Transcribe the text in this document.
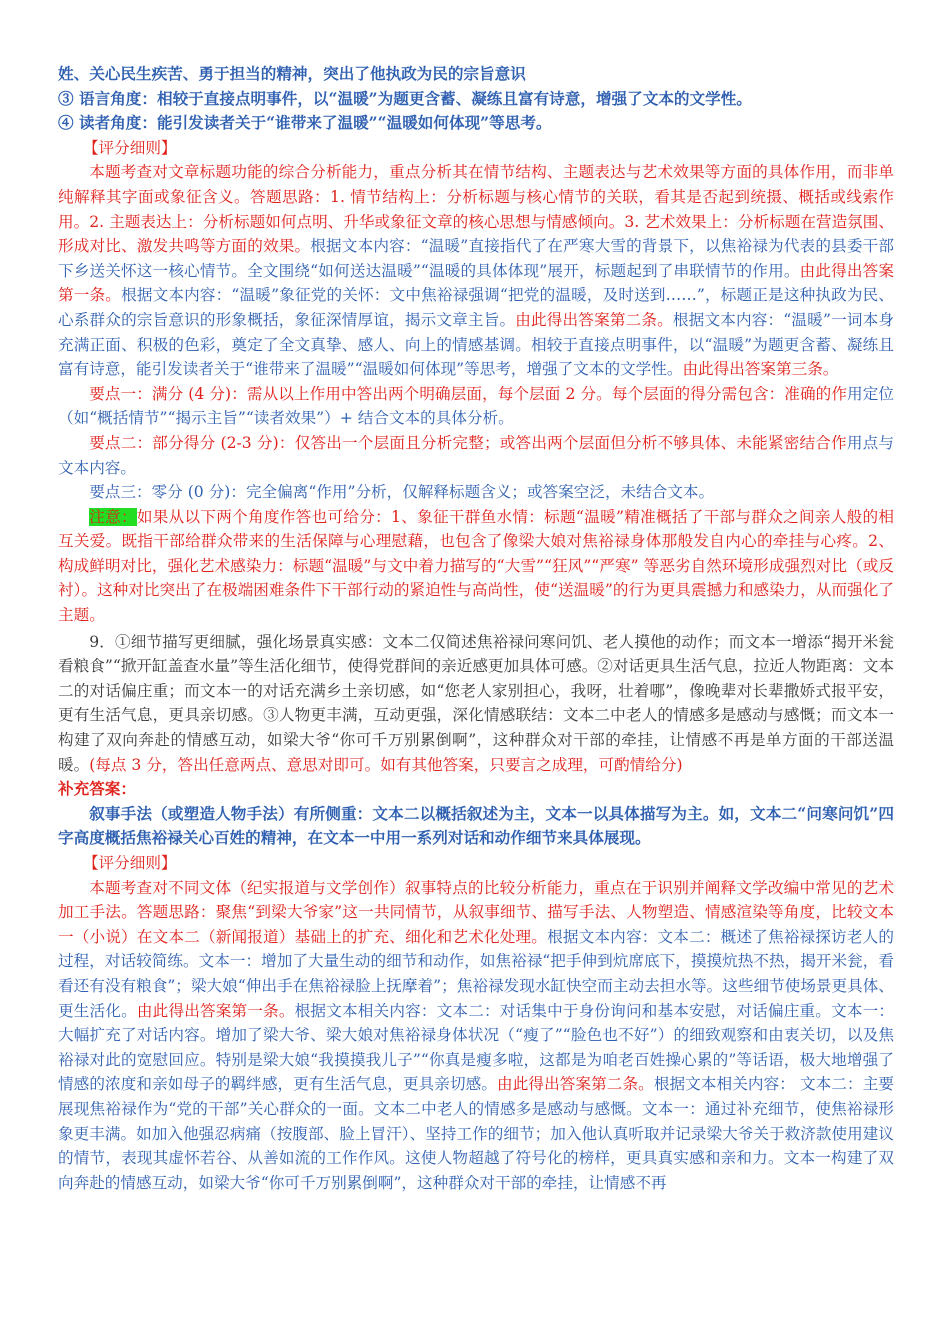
姓、关心民生疾苦、勇于担当的精神，突出了他执政为民的宗旨意识

③ 语言角度：相较于直接点明事件，以“温暖”为题更含蓄、凝练且富有诗意，增强了文本的文学性。

④ 读者角度：能引发读者关于“谁带来了温暖”“温暖如何体现”等思考。

【评分细则】

本题考查对文章标题功能的综合分析能力，重点分析其在情节结构、主题表达与艺术效果等方面的具体作用，而非单纯解释其字面或象征含义。答题思路：1. 情节结构上：分析标题与核心情节的关联，看其是否起到统摄、概括或线索作用。2. 主题表达上：分析标题如何点明、升华或象征文章的核心思想与情感倾向。3. 艺术效果上：分析标题在营造氛围、形成对比、激发共鸣等方面的效果。根据文本内容：“温暖”直接指代了在严寒大雪的背景下，以焦裕禄为代表的县委干部下乡送关怀这一核心情节。全文围绕“如何送达温暖”“温暖的具体体现”展开，标题起到了串联情节的作用。由此得出答案第一条。根据文本内容：“温暖”象征党的关怀：文中焦裕禄强调“把党的温暖，及时送到……”，标题正是这种执政为民、心系群众的宗旨意识的形象概括，象征深情厚谊，揭示文章主旨。由此得出答案第二条。根据文本内容：“温暖”一词本身充满正面、积极的色彩，奠定了全文真挚、感人、向上的情感基调。相较于直接点明事件，以“温暖”为题更含蓄、凝练且富有诗意，能引发读者关于“谁带来了温暖”“温暖如何体现”等思考，增强了文本的文学性。由此得出答案第三条。

要点一：满分 (4 分)：需从以上作用中答出两个明确层面，每个层面 2 分。每个层面的得分需包含：准确的作用定位（如“概括情节”“揭示主旨”“读者效果”）+ 结合文本的具体分析。

要点二：部分得分 (2-3 分)：仅答出一个层面且分析完整；或答出两个层面但分析不够具体、未能紧密结合作用点与文本内容。

要点三：零分 (0 分)：完全偏离“作用”分析，仅解释标题含义；或答案空泛，未结合文本。

注意：如果从以下两个角度作答也可给分：1、象征干群鱼水情：标题“温暖”精准概括了干部与群众之间亲人般的相互关爱。既指干部给群众带来的生活保障与心理慰藉，也包含了像梁大娘对焦裕禄身体那般发自内心的牵挂与心疼。2、构成鲜明对比，强化艺术感染力：标题“温暖”与文中着力描写的“大雪”“狂风”“严寒” 等恶劣自然环境形成强烈对比（或反衬）。这种对比突出了在极端困难条件下干部行动的紧迫性与高尚性，使“送温暖”的行为更具震撼力和感染力，从而强化了主题。

9．①细节描写更细腻，强化场景真实感：文本二仅简述焦裕禄问寒问饥、老人摸他的动作；而文本一增添“揭开米瓮看粮食”“掀开缸盖查水量”等生活化细节，使得党群间的亲近感更加具体可感。②对话更具生活气息，拉近人物距离：文本二的对话偏庄重；而文本一的对话充满乡土亲切感，如“您老人家别担心，我呀，壮着哪”，像晚辈对长辈撒娇式报平安，更有生活气息，更具亲切感。③人物更丰满，互动更强，深化情感联结：文本二中老人的情感多是感动与感慨；而文本一构建了双向奔赴的情感互动，如梁大爷“你可千万别累倒啊”，这种群众对干部的牵挂，让情感不再是单方面的干部送温暖。(每点 3 分，答出任意两点、意思对即可。如有其他答案，只要言之成理，可酌情给分)

补充答案：

叙事手法（或塑造人物手法）有所侧重：文本二以概括叙述为主，文本一以具体描写为主。如，文本二“问寒问饥”四字高度概括焦裕禄关心百姓的精神，在文本一中用一系列对话和动作细节来具体展现。

【评分细则】

本题考查对不同文体（纪实报道与文学创作）叙事特点的比较分析能力，重点在于识别并阐释文学改编中常见的艺术加工手法。答题思路：聚焦“到梁大爷家”这一共同情节，从叙事细节、描写手法、人物塑造、情感渲染等角度，比较文本一（小说）在文本二（新闻报道）基础上的扩充、细化和艺术化处理。根据文本内容：文本二：概述了焦裕禄探访老人的过程，对话较简练。文本一：增加了大量生动的细节和动作，如焦裕禄“把手伸到炕席底下，摸摸炕热不热，揭开米瓮，看看还有没有粮食”；梁大娘“伸出手在焦裕禄脸上抚摩着”；焦裕禄发现水缸快空而主动去担水等。这些细节使场景更具体、更生活化。由此得出答案第一条。根据文本相关内容：文本二：对话集中于身份询问和基本安慰，对话偏庄重。文本一：大幅扩充了对话内容。增加了梁大爷、梁大娘对焦裕禄身体状况（“瘦了”“脸色也不好”）的细致观察和由衷关切，以及焦裕禄对此的宽慰回应。特别是梁大娘“我摸摸我儿子”“你真是瘦多啦，这都是为咱老百姓操心累的”等话语，极大地增强了情感的浓度和亲如母子的羁绊感，更有生活气息，更具亲切感。由此得出答案第二条。根据文本相关内容： 文本二：主要展现焦裕禄作为“党的干部”关心群众的一面。文本二中老人的情感多是感动与感慨。文本一：通过补充细节，使焦裕禄形象更丰满。如加入他强忍病痛（按腹部、脸上冒汗）、坚持工作的细节；加入他认真听取并记录梁大爷关于救济款使用建议的情节，表现其虚怀若谷、从善如流的工作作风。这使人物超越了符号化的榜样，更具真实感和亲和力。文本一构建了双向奔赴的情感互动，如梁大爷“你可千万别累倒啊”，这种群众对干部的牵挂，让情感不再
